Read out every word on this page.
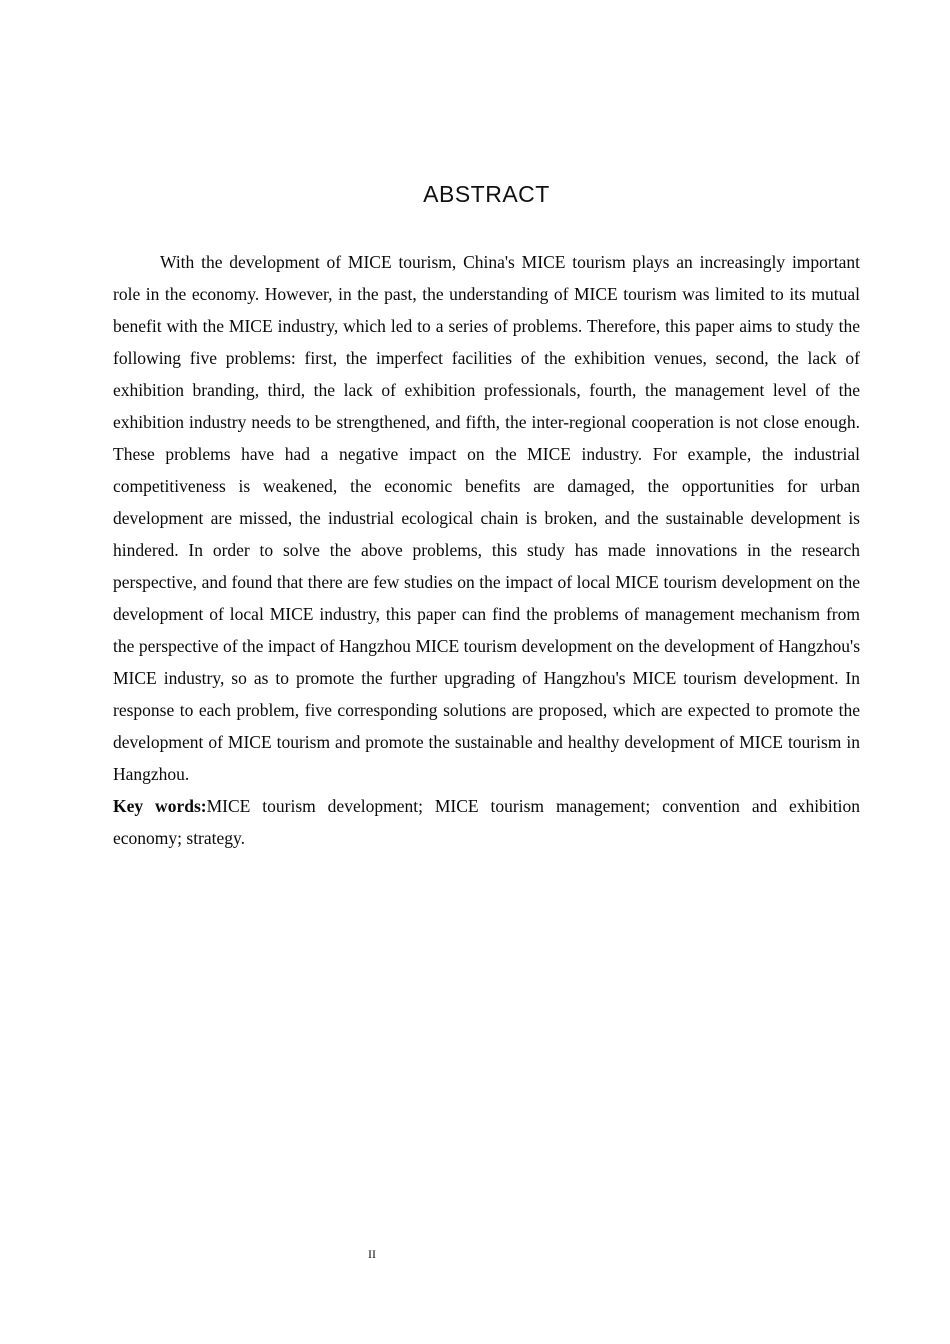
ABSTRACT

With the development of MICE tourism, China's MICE tourism plays an increasingly important role in the economy. However, in the past, the understanding of MICE tourism was limited to its mutual benefit with the MICE industry, which led to a series of problems. Therefore, this paper aims to study the following five problems: first, the imperfect facilities of the exhibition venues, second, the lack of exhibition branding, third, the lack of exhibition professionals, fourth, the management level of the exhibition industry needs to be strengthened, and fifth, the inter-regional cooperation is not close enough. These problems have had a negative impact on the MICE industry. For example, the industrial competitiveness is weakened, the economic benefits are damaged, the opportunities for urban development are missed, the industrial ecological chain is broken, and the sustainable development is hindered. In order to solve the above problems, this study has made innovations in the research perspective, and found that there are few studies on the impact of local MICE tourism development on the development of local MICE industry, this paper can find the problems of management mechanism from the perspective of the impact of Hangzhou MICE tourism development on the development of Hangzhou's MICE industry, so as to promote the further upgrading of Hangzhou's MICE tourism development. In response to each problem, five corresponding solutions are proposed, which are expected to promote the development of MICE tourism and promote the sustainable and healthy development of MICE tourism in Hangzhou.

Key words:MICE tourism development; MICE tourism management; convention and exhibition economy; strategy.

II
